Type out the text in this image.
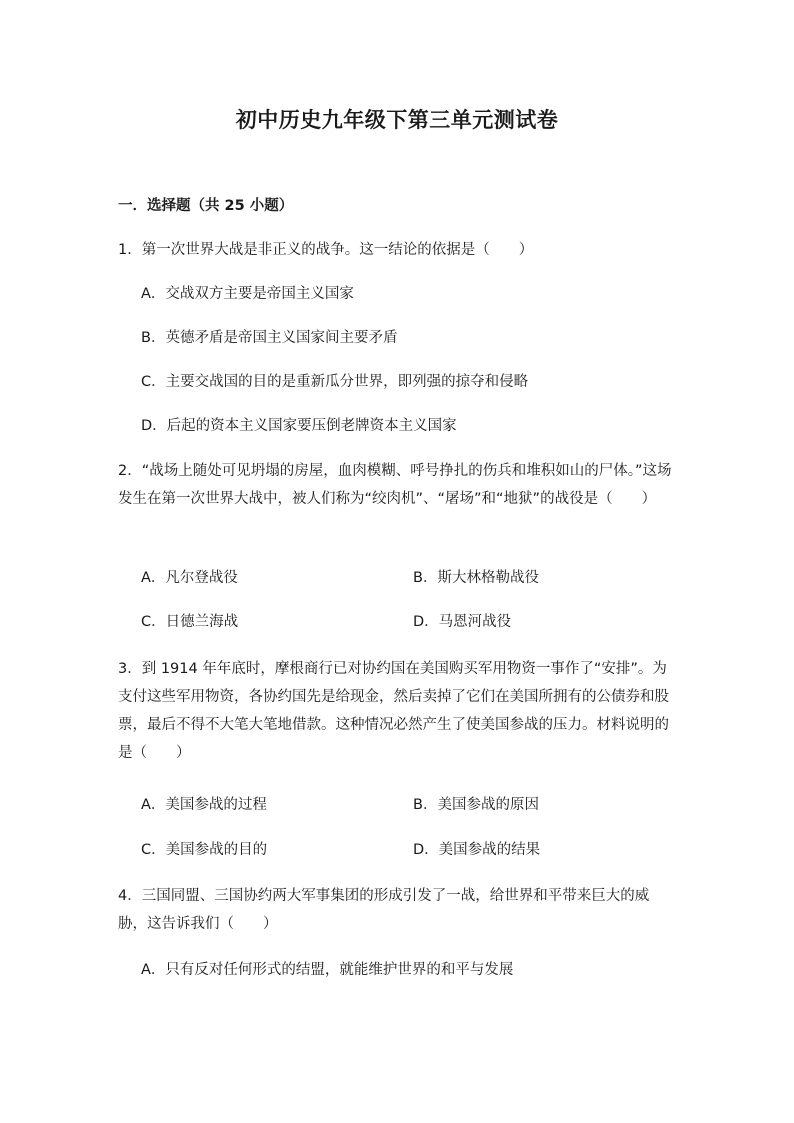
初中历史九年级下第三单元测试卷
一．选择题（共 25 小题）
1．第一次世界大战是非正义的战争。这一结论的依据是（　　）
A．交战双方主要是帝国主义国家
B．英德矛盾是帝国主义国家间主要矛盾
C．主要交战国的目的是重新瓜分世界，即列强的掠夺和侵略
D．后起的资本主义国家要压倒老牌资本主义国家
2．“战场上随处可见坍塌的房屋，血肉模糊、呼号挣扎的伤兵和堆积如山的尸体。”这场发生在第一次世界大战中，被人们称为“绞肉机”、“屠场”和“地狱”的战役是（　　）
A．凡尔登战役	B．斯大林格勒战役
C．日德兰海战	D．马恩河战役
3．到 1914 年年底时，摩根商行已对协约国在美国购买军用物资一事作了“安排”。为支付这些军用物资，各协约国先是给现金，然后卖掉了它们在美国所拥有的公债券和股票，最后不得不大笔大笔地借款。这种情况必然产生了使美国参战的压力。材料说明的是（　　）
A．美国参战的过程	B．美国参战的原因
C．美国参战的目的	D．美国参战的结果
4．三国同盟、三国协约两大军事集团的形成引发了一战，给世界和平带来巨大的威胁，这告诉我们（　　）
A．只有反对任何形式的结盟，就能维护世界的和平与发展
